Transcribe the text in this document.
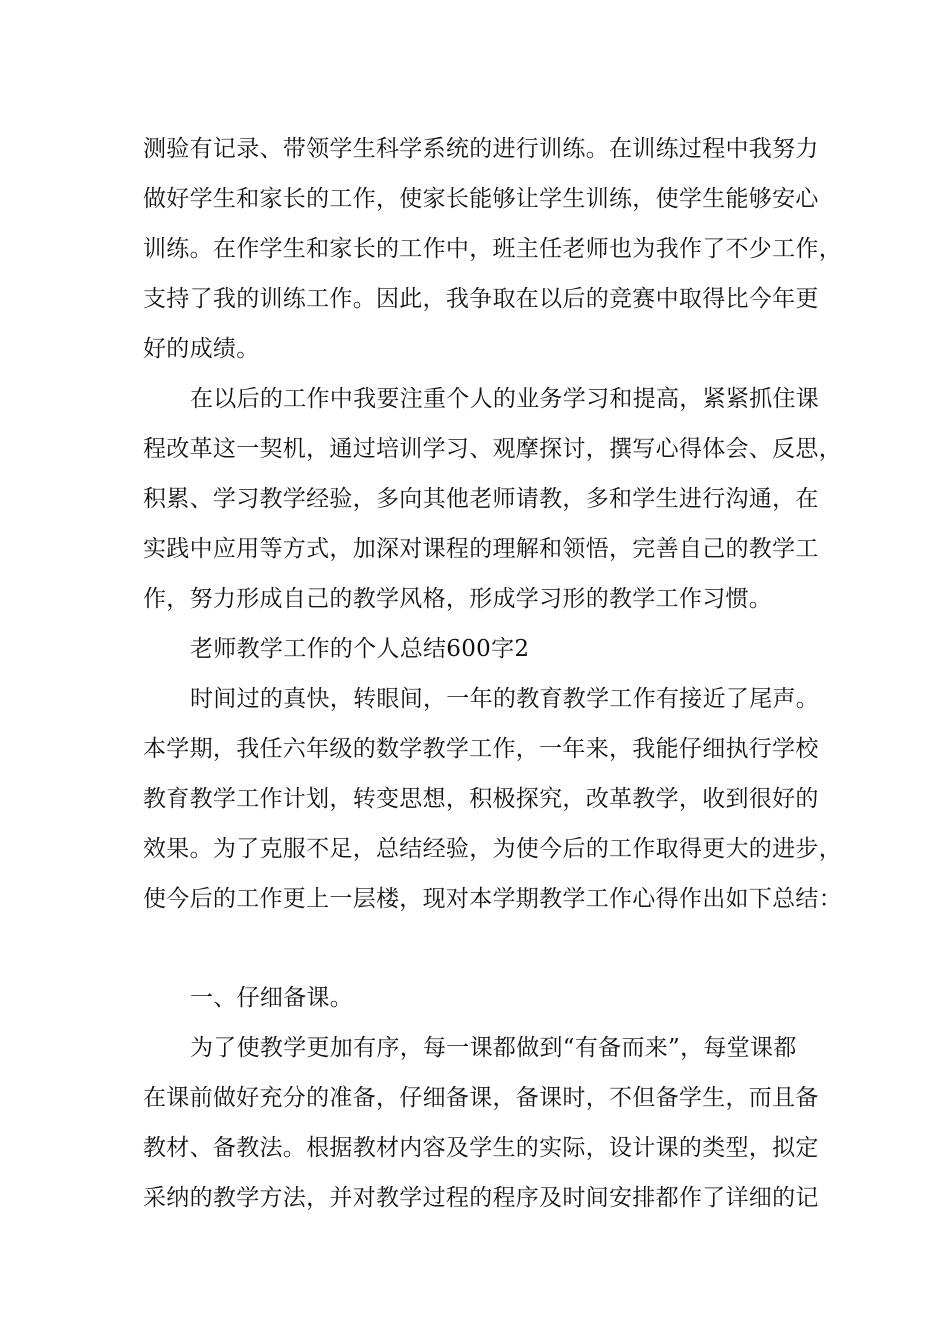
测验有记录、带领学生科学系统的进行训练。在训练过程中我努力
做好学生和家长的工作，使家长能够让学生训练，使学生能够安心
训练。在作学生和家长的工作中，班主任老师也为我作了不少工作，
支持了我的训练工作。因此，我争取在以后的竞赛中取得比今年更
好的成绩。
在以后的工作中我要注重个人的业务学习和提高，紧紧抓住课
程改革这一契机，通过培训学习、观摩探讨，撰写心得体会、反思，
积累、学习教学经验，多向其他老师请教，多和学生进行沟通，在
实践中应用等方式，加深对课程的理解和领悟，完善自己的教学工
作，努力形成自己的教学风格，形成学习形的教学工作习惯。
老师教学工作的个人总结600字2
时间过的真快，转眼间，一年的教育教学工作有接近了尾声。
本学期，我任六年级的数学教学工作，一年来，我能仔细执行学校
教育教学工作计划，转变思想，积极探究，改革教学，收到很好的
效果。为了克服不足，总结经验，为使今后的工作取得更大的进步，
使今后的工作更上一层楼，现对本学期教学工作心得作出如下总结：
一、仔细备课。
为了使教学更加有序，每一课都做到“有备而来”，每堂课都
在课前做好充分的准备，仔细备课，备课时，不但备学生，而且备
教材、备教法。根据教材内容及学生的实际，设计课的类型，拟定
采纳的教学方法，并对教学过程的程序及时间安排都作了详细的记
